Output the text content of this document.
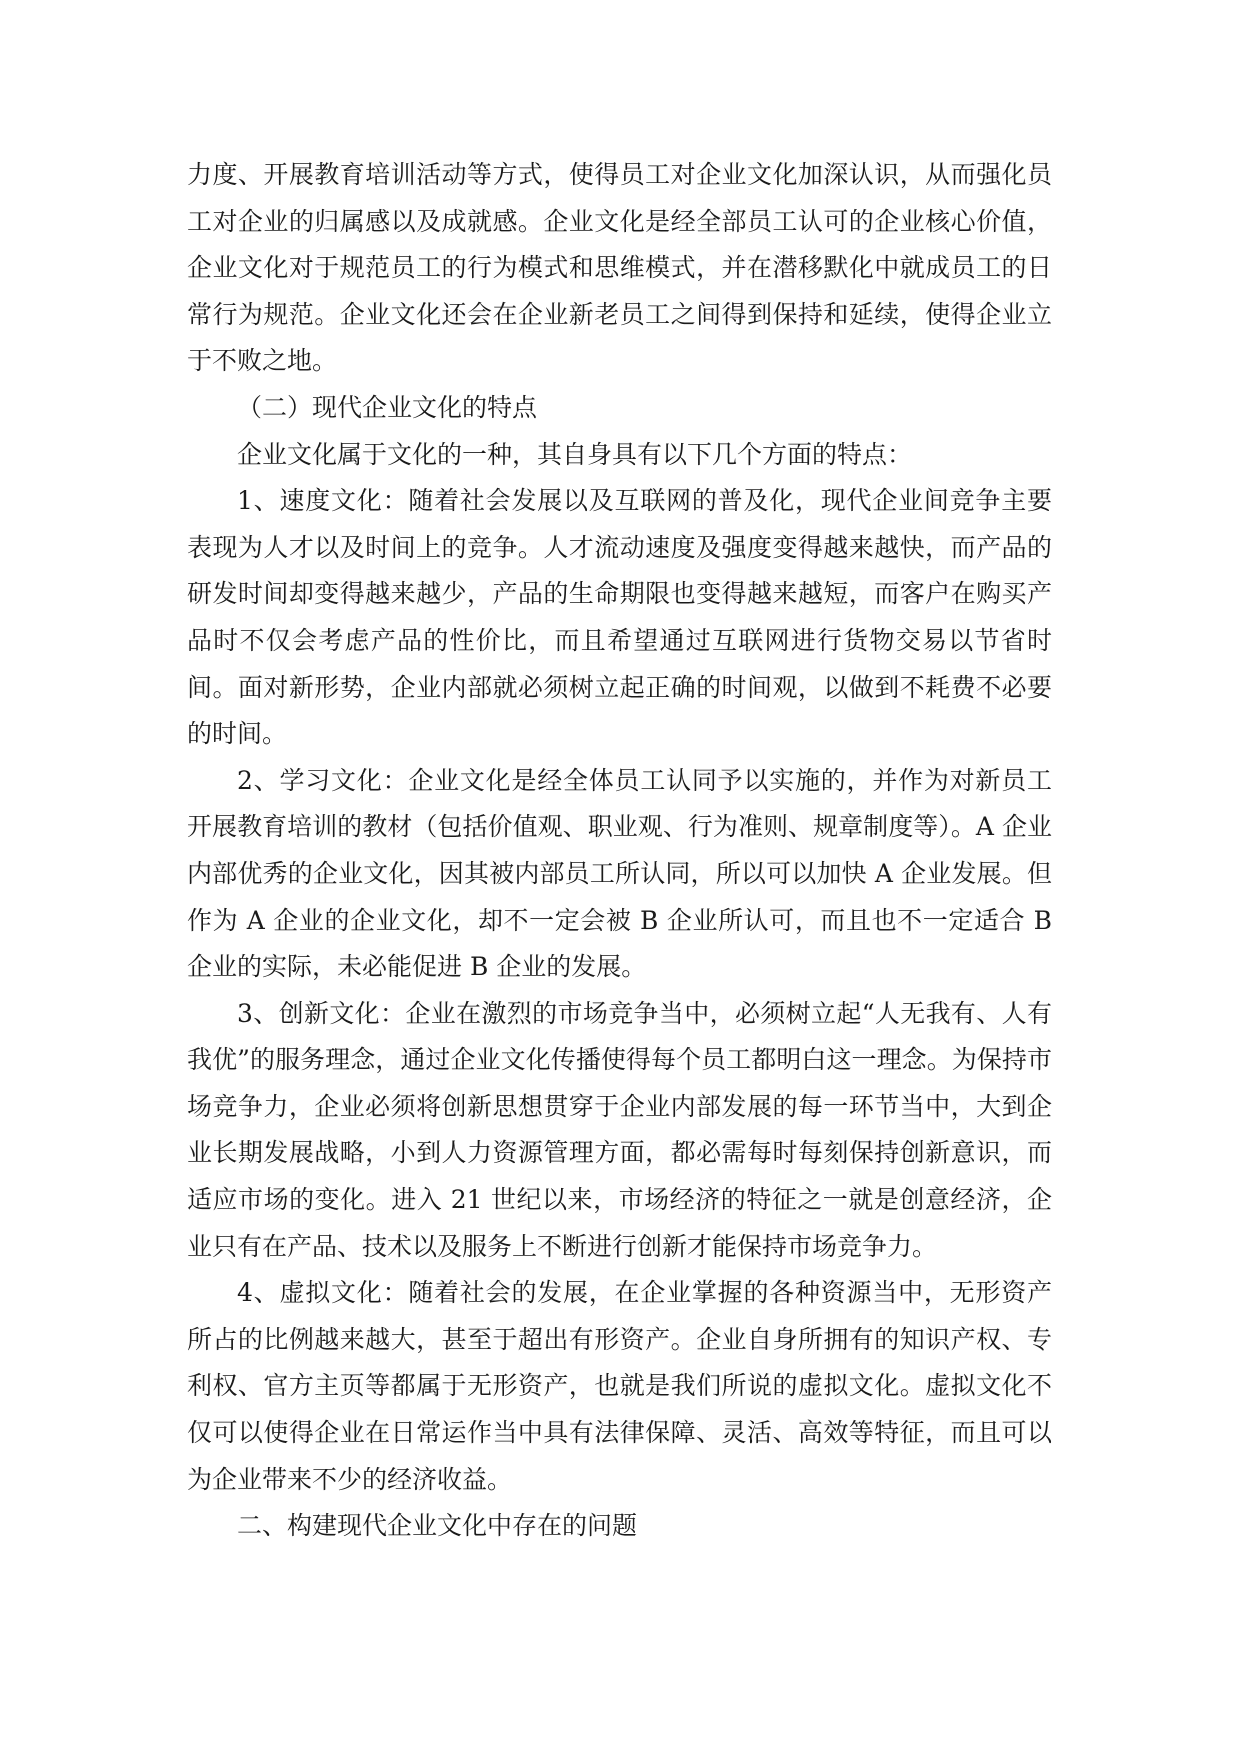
力度、开展教育培训活动等方式，使得员工对企业文化加深认识，从而强化员工对企业的归属感以及成就感。企业文化是经全部员工认可的企业核心价值，企业文化对于规范员工的行为模式和思维模式，并在潜移默化中就成员工的日常行为规范。企业文化还会在企业新老员工之间得到保持和延续，使得企业立于不败之地。

（二）现代企业文化的特点

企业文化属于文化的一种，其自身具有以下几个方面的特点：

1、速度文化：随着社会发展以及互联网的普及化，现代企业间竞争主要表现为人才以及时间上的竞争。人才流动速度及强度变得越来越快，而产品的研发时间却变得越来越少，产品的生命期限也变得越来越短，而客户在购买产品时不仅会考虑产品的性价比，而且希望通过互联网进行货物交易以节省时间。面对新形势，企业内部就必须树立起正确的时间观，以做到不耗费不必要的时间。

2、学习文化：企业文化是经全体员工认同予以实施的，并作为对新员工开展教育培训的教材（包括价值观、职业观、行为准则、规章制度等）。A 企业内部优秀的企业文化，因其被内部员工所认同，所以可以加快 A 企业发展。但作为 A 企业的企业文化，却不一定会被 B 企业所认可，而且也不一定适合 B 企业的实际，未必能促进 B 企业的发展。

3、创新文化：企业在激烈的市场竞争当中，必须树立起“人无我有、人有我优”的服务理念，通过企业文化传播使得每个员工都明白这一理念。为保持市场竞争力，企业必须将创新思想贯穿于企业内部发展的每一环节当中，大到企业长期发展战略，小到人力资源管理方面，都必需每时每刻保持创新意识，而适应市场的变化。进入 21 世纪以来，市场经济的特征之一就是创意经济，企业只有在产品、技术以及服务上不断进行创新才能保持市场竞争力。

4、虚拟文化：随着社会的发展，在企业掌握的各种资源当中，无形资产所占的比例越来越大，甚至于超出有形资产。企业自身所拥有的知识产权、专利权、官方主页等都属于无形资产，也就是我们所说的虚拟文化。虚拟文化不仅可以使得企业在日常运作当中具有法律保障、灵活、高效等特征，而且可以为企业带来不少的经济收益。

二、构建现代企业文化中存在的问题
